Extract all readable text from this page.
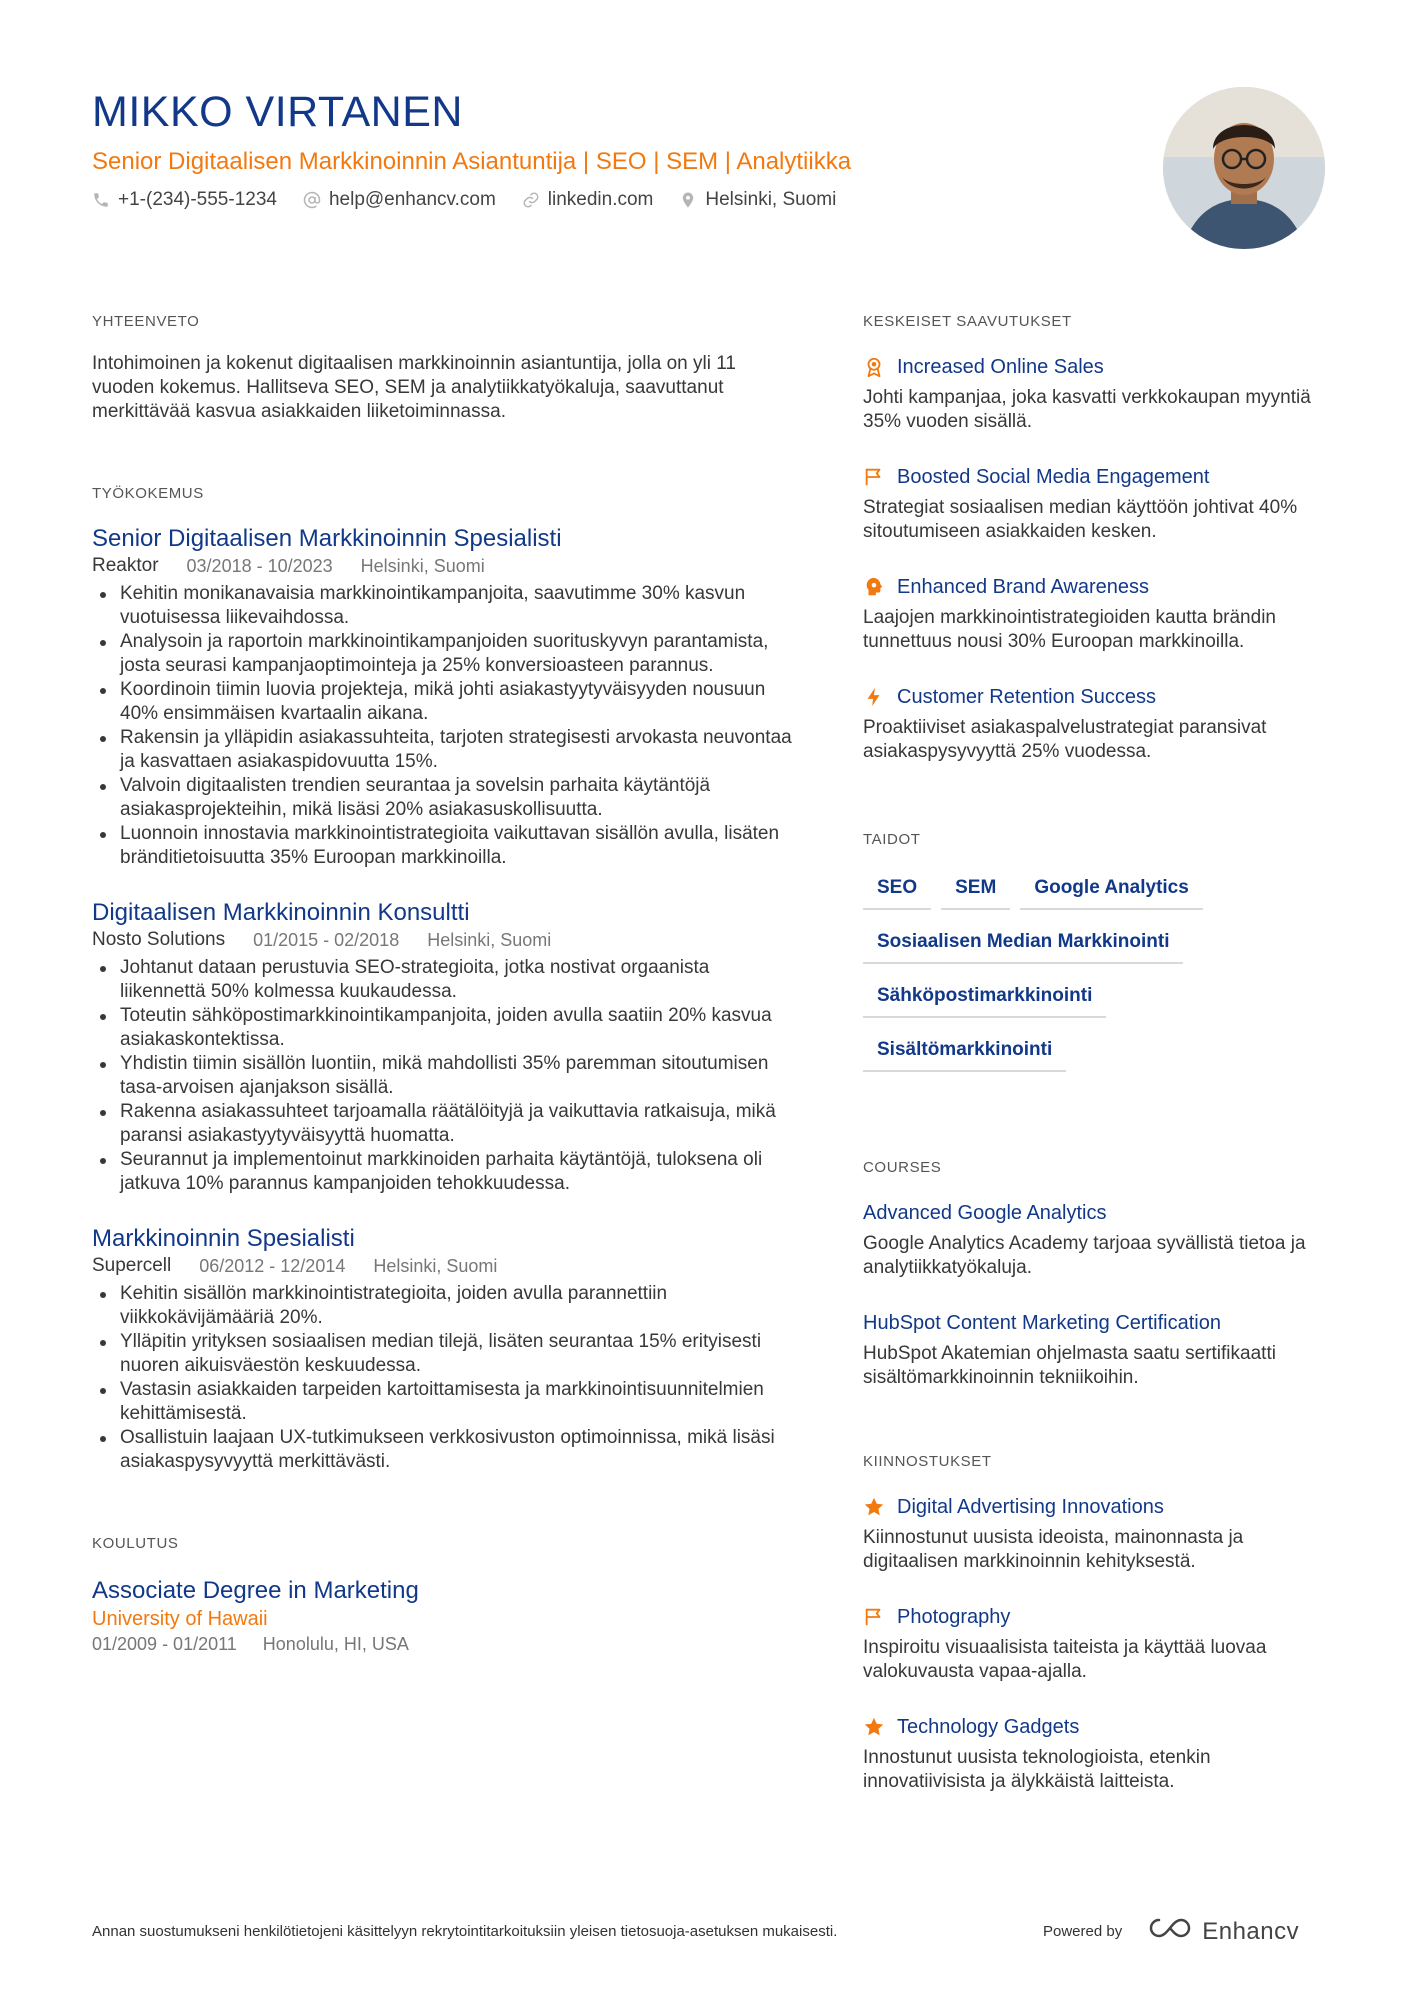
MIKKO VIRTANEN
Senior Digitaalisen Markkinoinnin Asiantuntija | SEO | SEM | Analytiikka
+1-(234)-555-1234	help@enhancv.com	linkedin.com	Helsinki, Suomi
YHTEENVETO
Intohimoinen ja kokenut digitaalisen markkinoinnin asiantuntija, jolla on yli 11 vuoden kokemus. Hallitseva SEO, SEM ja analytiikkatyökaluja, saavuttanut merkittävää kasvua asiakkaiden liiketoiminnassa.
TYÖKOKEMUS
Senior Digitaalisen Markkinoinnin Spesialisti
Reaktor 03/2018 - 10/2023 Helsinki, Suomi
Kehitin monikanavaisia markkinointikampanjoita, saavutimme 30% kasvun vuotuisessa liikevaihdossa.
Analysoin ja raportoin markkinointikampanjoiden suorituskyvyn parantamista, josta seurasi kampanjaoptimointeja ja 25% konversioasteen parannus.
Koordinoin tiimin luovia projekteja, mikä johti asiakastyytyväisyyden nousuun 40% ensimmäisen kvartaalin aikana.
Rakensin ja ylläpidin asiakassuhteita, tarjoten strategisesti arvokasta neuvontaa ja kasvattaen asiakaspidovuutta 15%.
Valvoin digitaalisten trendien seurantaa ja sovelsin parhaita käytäntöjä asiakasprojekteihin, mikä lisäsi 20% asiakasuskollisuutta.
Luonnoin innostavia markkinointistrategioita vaikuttavan sisällön avulla, lisäten bränditietoisuutta 35% Euroopan markkinoilla.
Digitaalisen Markkinoinnin Konsultti
Nosto Solutions 01/2015 - 02/2018 Helsinki, Suomi
Johtanut dataan perustuvia SEO-strategioita, jotka nostivat orgaanista liikennettä 50% kolmessa kuukaudessa.
Toteutin sähköpostimarkkinointikampanjoita, joiden avulla saatiin 20% kasvua asiakaskontektissa.
Yhdistin tiimin sisällön luontiin, mikä mahdollisti 35% paremman sitoutumisen tasa-arvoisen ajanjakson sisällä.
Rakenna asiakassuhteet tarjoamalla räätälöityjä ja vaikuttavia ratkaisuja, mikä paransi asiakastyytyväisyyttä huomatta.
Seurannut ja implementoinut markkinoiden parhaita käytäntöjä, tuloksena oli jatkuva 10% parannus kampanjoiden tehokkuudessa.
Markkinoinnin Spesialisti
Supercell 06/2012 - 12/2014 Helsinki, Suomi
Kehitin sisällön markkinointistrategioita, joiden avulla parannettiin viikkokävijämääriä 20%.
Ylläpitin yrityksen sosiaalisen median tilejä, lisäten seurantaa 15% erityisesti nuoren aikuisväestön keskuudessa.
Vastasin asiakkaiden tarpeiden kartoittamisesta ja markkinointisuunnitelmien kehittämisestä.
Osallistuin laajaan UX-tutkimukseen verkkosivuston optimoinnissa, mikä lisäsi asiakaspysyvyyttä merkittävästi.
KOULUTUS
Associate Degree in Marketing
University of Hawaii
01/2009 - 01/2011 Honolulu, HI, USA
KESKEISET SAAVUTUKSET
Increased Online Sales
Johti kampanjaa, joka kasvatti verkkokaupan myyntiä 35% vuoden sisällä.
Boosted Social Media Engagement
Strategiat sosiaalisen median käyttöön johtivat 40% sitoutumiseen asiakkaiden kesken.
Enhanced Brand Awareness
Laajojen markkinointistrategioiden kautta brändin tunnettuus nousi 30% Euroopan markkinoilla.
Customer Retention Success
Proaktiiviset asiakaspalvelustrategiat paransivat asiakaspysyvyyttä 25% vuodessa.
TAIDOT
SEO	SEM	Google Analytics
Sosiaalisen Median Markkinointi
Sähköpostimarkkinointi
Sisältömarkkinointi
COURSES
Advanced Google Analytics
Google Analytics Academy tarjoaa syvällistä tietoa ja analytiikkatyökaluja.
HubSpot Content Marketing Certification
HubSpot Akatemian ohjelmasta saatu sertifikaatti sisältömarkkinoinnin tekniikoihin.
KIINNOSTUKSET
Digital Advertising Innovations
Kiinnostunut uusista ideoista, mainonnasta ja digitaalisen markkinoinnin kehityksestä.
Photography
Inspiroitu visuaalisista taiteista ja käyttää luovaa valokuvausta vapaa-ajalla.
Technology Gadgets
Innostunut uusista teknologioista, etenkin innovatiivisista ja älykkäistä laitteista.
Annan suostumukseni henkilötietojeni käsittelyyn rekrytointitarkoituksiin yleisen tietosuoja-asetuksen mukaisesti.	Powered by	Enhancv
